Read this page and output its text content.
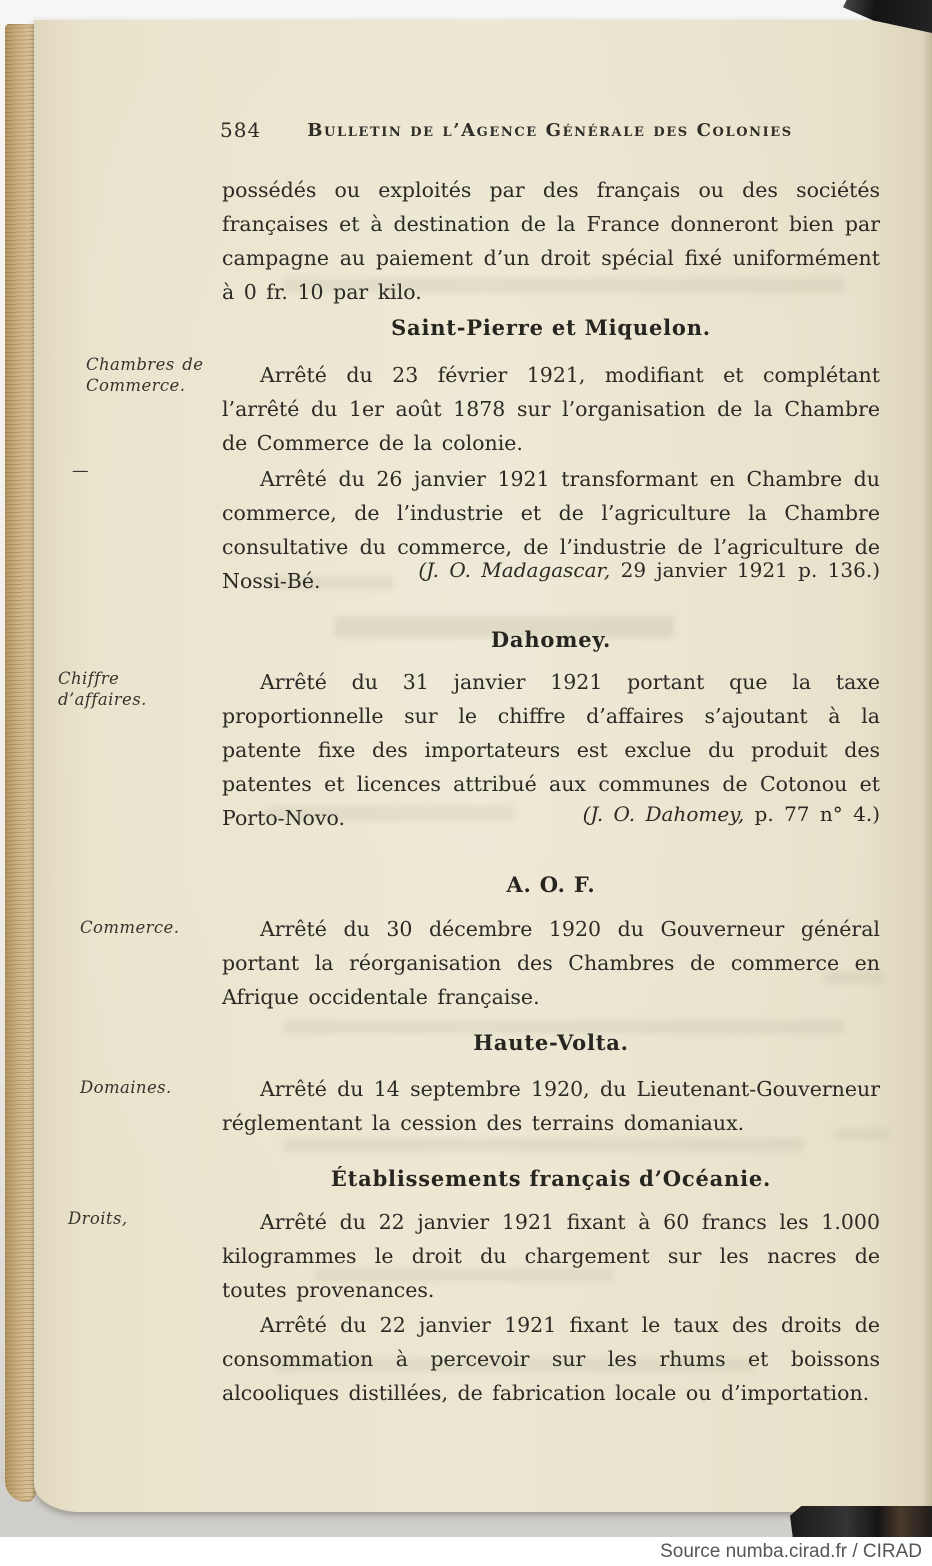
584	Bulletin de l’Agence Générale des Colonies
possédés ou exploités par des français ou des sociétés françaises et à destination de la France donneront bien par campagne au paiement d’un droit spécial fixé uniformément à 0 fr. 10 par kilo.
Saint-Pierre et Miquelon.
Chambres de Commerce.	Arrêté du 23 février 1921, modifiant et complétant l’arrêté du 1er août 1878 sur l’organisation de la Chambre de Commerce de la colonie.
—	Arrêté du 26 janvier 1921 transformant en Chambre du commerce, de l’industrie et de l’agriculture la Chambre consultative du commerce, de l’industrie de l’agriculture de Nossi-Bé.	(J. O. Madagascar, 29 janvier 1921 p. 136.)
Dahomey.
Chiffre d’affaires.
Arrêté du 31 janvier 1921 portant que la taxe proportionnelle sur le chiffre d’affaires s’ajoutant à la patente fixe des importateurs est exclue du produit des patentes et licences attribué aux communes de Cotonou et Porto-Novo.	(J. O. Dahomey, p. 77 n° 4.)
A. O. F.
Commerce.	Arrêté du 30 décembre 1920 du Gouverneur général portant la réorganisation des Chambres de commerce en Afrique occidentale française.
Haute-Volta.
Domaines.	Arrêté du 14 septembre 1920, du Lieutenant-Gouverneur réglementant la cession des terrains domaniaux.
Établissements français d’Océanie.
Droits,	Arrêté du 22 janvier 1921 fixant à 60 francs les 1.000 kilogrammes le droit du chargement sur les nacres de toutes provenances.
Arrêté du 22 janvier 1921 fixant le taux des droits de consommation à percevoir sur les rhums et boissons alcooliques distillées, de fabrication locale ou d’importation.
Source numba.cirad.fr / CIRAD
